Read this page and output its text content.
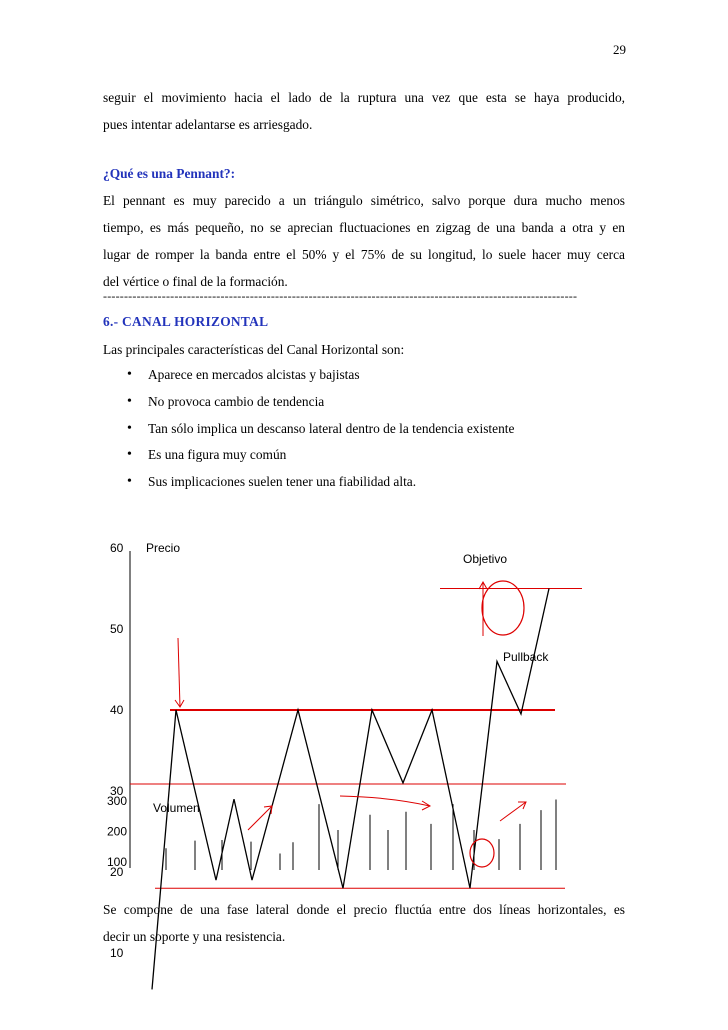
29

seguir el movimiento hacia el lado de la ruptura una vez que esta se haya producido,

pues intentar adelantarse es arriesgado.

¿Qué es una Pennant?:

El pennant es muy parecido a un triángulo simétrico, salvo porque dura mucho menos

tiempo, es más pequeño, no se aprecian fluctuaciones en zigzag de una banda a otra y en

lugar de romper la banda entre el 50% y el 75% de su longitud, lo suele hacer muy cerca

del vértice o final de la formación.

-----------------------------------------------------------------------------------------------------------------
6.- CANAL HORIZONTAL

Las principales características del Canal Horizontal son:

• Aparece en mercados alcistas y bajistas
• No provoca cambio de tendencia
• Tan sólo implica un descanso lateral dentro de la tendencia existente
• Es una figura muy común
• Sus implicaciones suelen tener una fiabilidad alta.
Precio
Volumen
60
50
40
30
20
10
300
200
100
Objetivo
Pullback

Se compone de una fase lateral donde el precio fluctúa entre dos líneas horizontales, es

decir un soporte y una resistencia.
